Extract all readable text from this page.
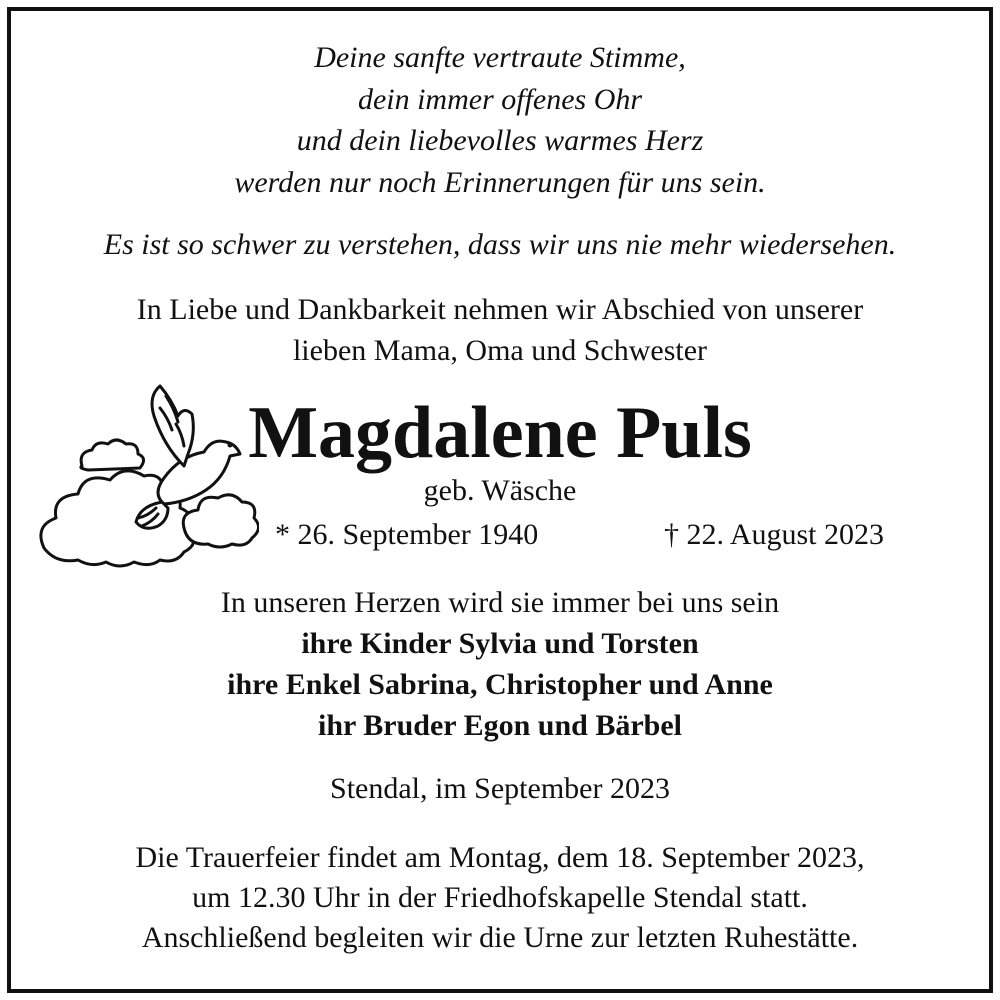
Deine sanfte vertraute Stimme,
dein immer offenes Ohr
und dein liebevolles warmes Herz
werden nur noch Erinnerungen für uns sein.
Es ist so schwer zu verstehen, dass wir uns nie mehr wiedersehen.
In Liebe und Dankbarkeit nehmen wir Abschied von unserer
lieben Mama, Oma und Schwester
Magdalene Puls
geb. Wäsche
* 26. September 1940	† 22. August 2023
In unseren Herzen wird sie immer bei uns sein
ihre Kinder Sylvia und Torsten
ihre Enkel Sabrina, Christopher und Anne
ihr Bruder Egon und Bärbel
Stendal, im September 2023
Die Trauerfeier findet am Montag, dem 18. September 2023,
um 12.30 Uhr in der Friedhofskapelle Stendal statt.
Anschließend begleiten wir die Urne zur letzten Ruhestätte.
